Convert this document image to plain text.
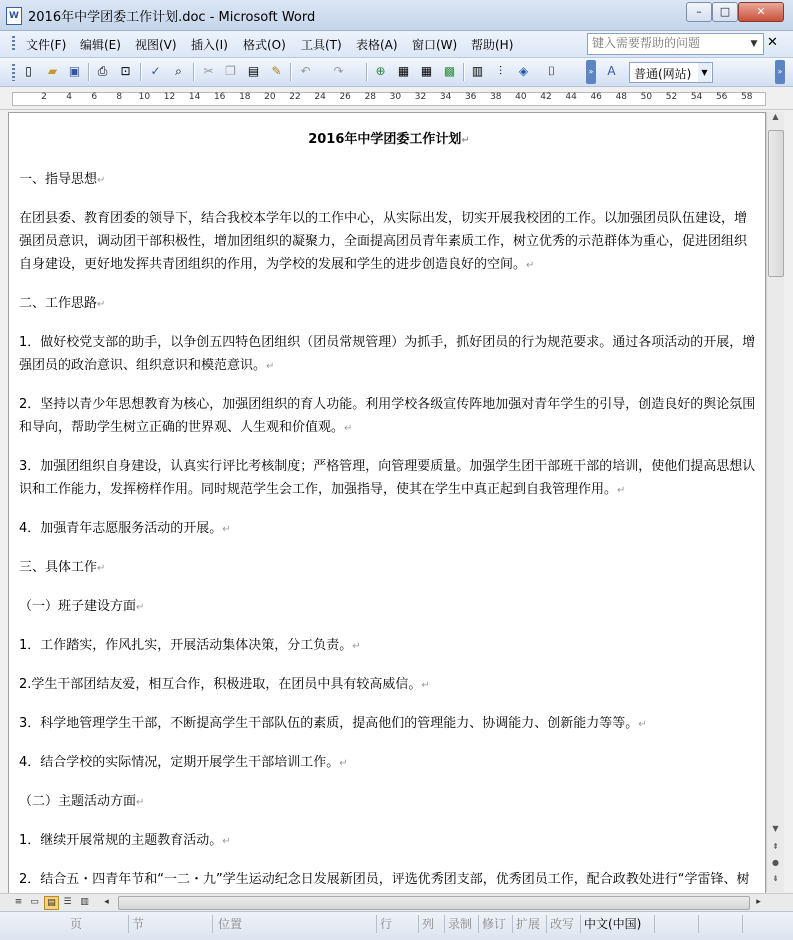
W 2016年中学团委工作计划.doc - Microsoft Word	–	□	✕
文件(F) 编辑(E) 视图(V) 插入(I) 格式(O) 工具(T) 表格(A) 窗口(W) 帮助(H)
键入需要帮助的问题	▼ ✕
▯	▰ ▣	⎙	⊡ ✓	⌕	✂ ❐ ▤ ✎ ↶ ↷	⊕ ▦ ▦ ▩ ▥	⫶	◈	⌷	A
»	»
普通(网站)	▼
2 4 6 8 10 12 14 16 18 20 22 24 26 28 30 32 34 36 38 40 42 44 46 48 50 52 54 56 58

2016年中学团委工作计划↵

一、指导思想↵

在团县委、教育团委的领导下，结合我校本学年以的工作中心，从实际出发，切实开展我校团的工作。以加强团员队伍建设，增强团员意识，调动团干部积极性，增加团组织的凝聚力，全面提高团员青年素质工作，树立优秀的示范群体为重心，促进团组织自身建设，更好地发挥共青团组织的作用，为学校的发展和学生的进步创造良好的空间。↵

二、工作思路↵

1．做好校党支部的助手，以争创五四特色团组织（团员常规管理）为抓手，抓好团员的行为规范要求。通过各项活动的开展，增强团员的政治意识、组织意识和模范意识。↵

2．坚持以青少年思想教育为核心，加强团组织的育人功能。利用学校各级宣传阵地加强对青年学生的引导，创造良好的舆论氛围和导向，帮助学生树立正确的世界观、人生观和价值观。↵

3．加强团组织自身建设，认真实行评比考核制度；严格管理，向管理要质量。加强学生团干部班干部的培训，使他们提高思想认识和工作能力，发挥榜样作用。同时规范学生会工作，加强指导，使其在学生中真正起到自我管理作用。↵

4．加强青年志愿服务活动的开展。↵

三、具体工作↵

（一）班子建设方面↵

1．工作踏实，作风扎实，开展活动集体决策，分工负责。↵

2.学生干部团结友爱，相互合作，积极进取，在团员中具有较高威信。↵

3．科学地管理学生干部，不断提高学生干部队伍的素质，提高他们的管理能力、协调能力、创新能力等等。↵

4．结合学校的实际情况，定期开展学生干部培训工作。↵

（二）主题活动方面↵

1．继续开展常规的主题教育活动。↵

2．结合五・四青年节和“一二・九”学生运动纪念日发展新团员，评选优秀团支部，优秀团员工作，配合政教处进行“学雷锋、树

▲
▼
⇞
●
⇟
≡ ▭ ▤ ☰ ▥	◂	▸
页	节	位置	行	列	录制 修订 扩展 改写 中文(中国)
